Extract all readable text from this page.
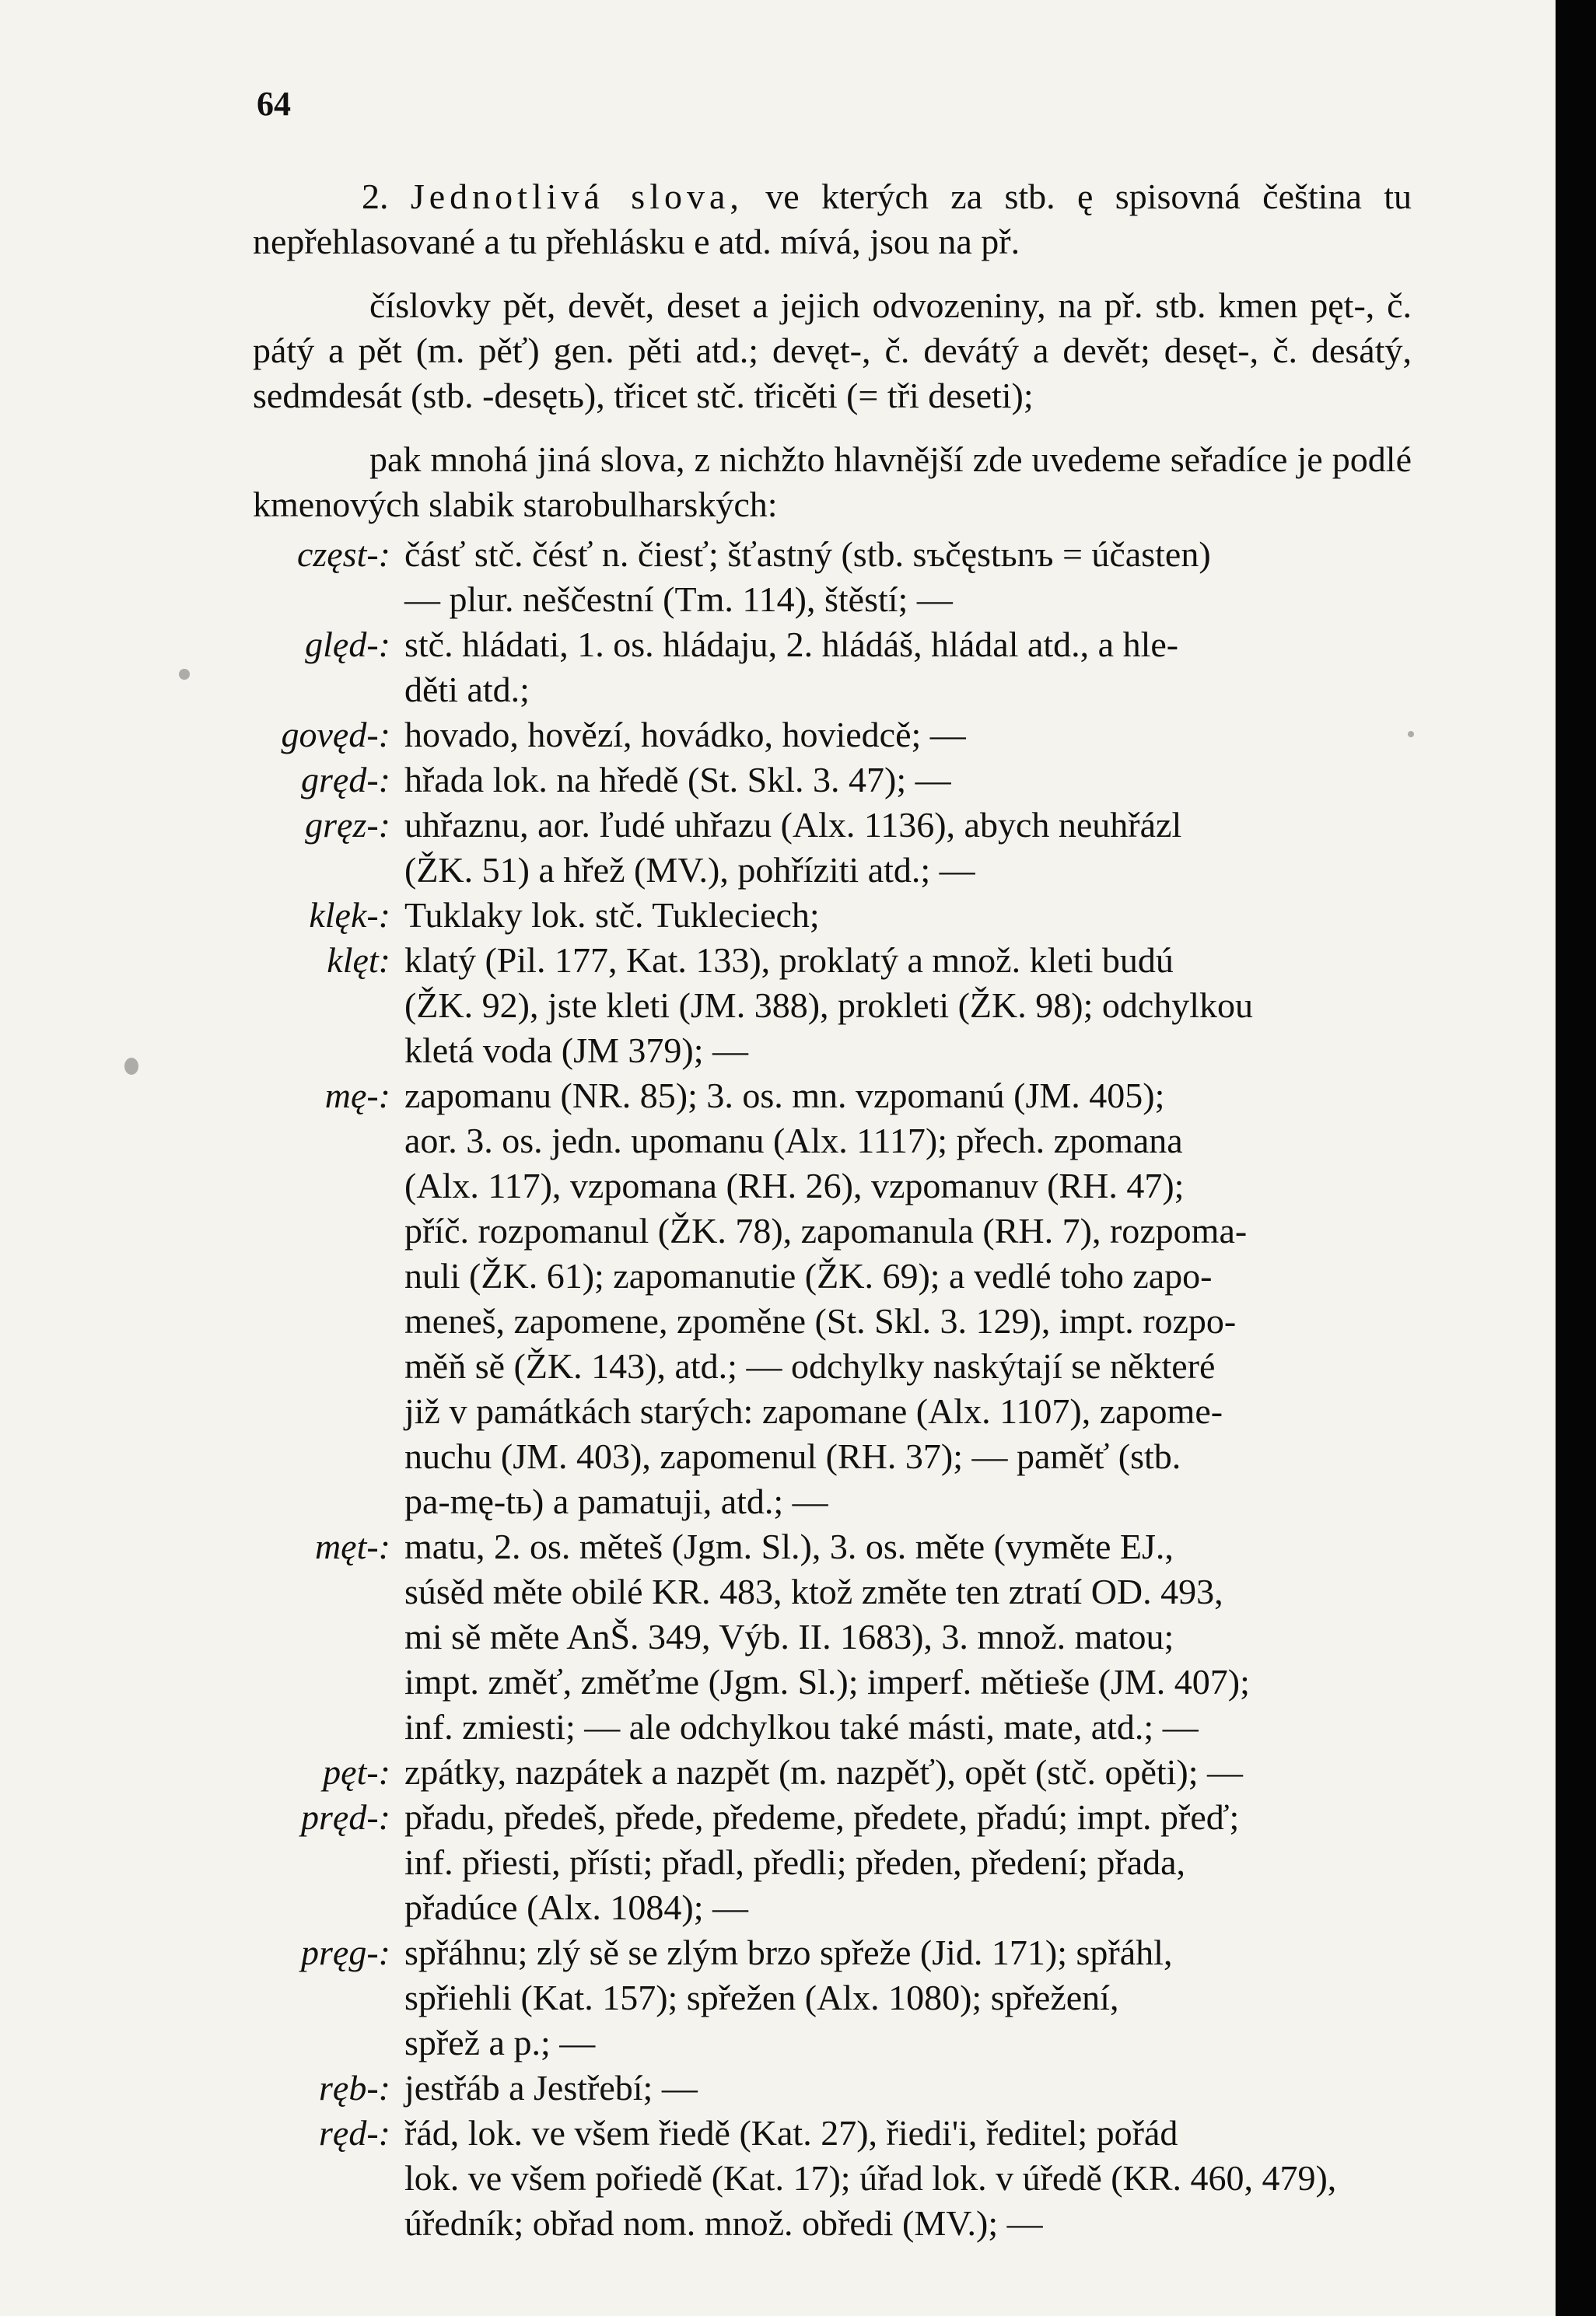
64

2. Jednotlivá slova, ve kterých za stb. ę spisovná čeština tu nepřehlasované a tu přehlásku e atd. mívá, jsou na př.

číslovky pět, devět, deset a jejich odvozeniny, na př. stb. kmen pęt-, č. pátý a pět (m. pěť) gen. pěti atd.; devęt-, č. devátý a devět; desęt-, č. desátý, sedmdesát (stb. -desętь), třicet stč. třicěti (= tři deseti);

pak mnohá jiná slova, z nichžto hlavnější zde uvedeme seřadíce je podlé kmenových slabik starobulharských:

częst-: čásť stč. čésť n. čiesť; šťastný (stb. sъčęstьnъ = účasten)
— plur. neščestní (Tm. 114), štěstí; —
ględ-: stč. hládati, 1. os. hládaju, 2. hládáš, hládal atd., a hle-
děti atd.;
govęd-: hovado, hovězí, hovádko, hoviedcě; —
gręd-: hřada lok. na hředě (St. Skl. 3. 47); —
gręz-: uhřaznu, aor. ľudé uhřazu (Alx. 1136), abych neuhřázl
(ŽK. 51) a hřež (MV.), pohříziti atd.; —
klęk-: Tuklaky lok. stč. Tukleciech;
klęt: klatý (Pil. 177, Kat. 133), proklatý a množ. kleti budú
(ŽK. 92), jste kleti (JM. 388), prokleti (ŽK. 98); odchylkou
kletá voda (JM 379); —
mę-: zapomanu (NR. 85); 3. os. mn. vzpomanú (JM. 405);
aor. 3. os. jedn. upomanu (Alx. 1117); přech. zpomana
(Alx. 117), vzpomana (RH. 26), vzpomanuv (RH. 47);
příč. rozpomanul (ŽK. 78), zapomanula (RH. 7), rozpoma-
nuli (ŽK. 61); zapomanutie (ŽK. 69); a vedlé toho zapo-
meneš, zapomene, zpoměne (St. Skl. 3. 129), impt. rozpo-
měň sě (ŽK. 143), atd.; — odchylky naskýtají se některé
již v památkách starých: zapomane (Alx. 1107), zapome-
nuchu (JM. 403), zapomenul (RH. 37); — paměť (stb.
pa-mę-tь) a pamatuji, atd.; —
męt-: matu, 2. os. měteš (Jgm. Sl.), 3. os. měte (vyměte EJ.,
súsěd měte obilé KR. 483, ktož změte ten ztratí OD. 493,
mi sě měte AnŠ. 349, Výb. II. 1683), 3. množ. matou;
impt. změť, změťme (Jgm. Sl.); imperf. mětieše (JM. 407);
inf. zmiesti; — ale odchylkou také másti, mate, atd.; —
pęt-: zpátky, nazpátek a nazpět (m. nazpěť), opět (stč. opěti); —
pręd-: přadu, předeš, přede, předeme, předete, přadú; impt. přeď;
inf. přiesti, přísti; přadl, předli; předen, předení; přada,
přadúce (Alx. 1084); —
pręg-: spřáhnu; zlý sě se zlým brzo spřeže (Jid. 171); spřáhl,
spřiehli (Kat. 157); spřežen (Alx. 1080); spřežení,
spřež a p.; —
ręb-: jestřáb a Jestřebí; —
ręd-: řád, lok. ve všem řiedě (Kat. 27), řiedi'i, ředitel; pořád
lok. ve všem pořiedě (Kat. 17); úřad lok. v úředě (KR. 460, 479),
úředník; obřad nom. množ. obředi (MV.); —
